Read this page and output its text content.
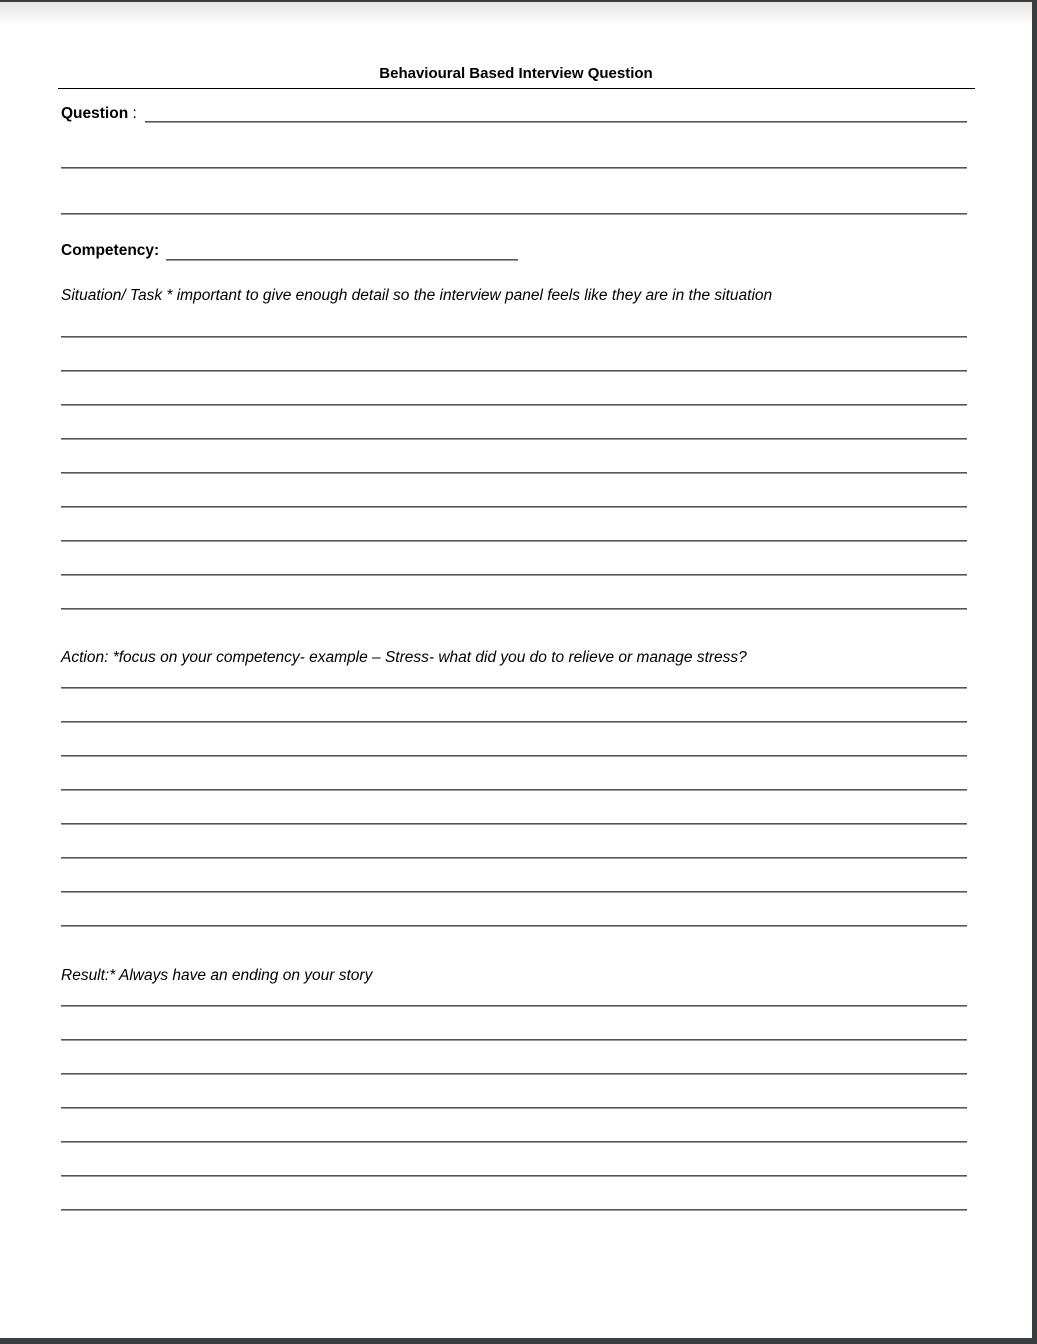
Behavioural Based Interview Question
Question :
Competency:
Situation/ Task * important to give enough detail so the interview panel feels like they are in the situation
Action: *focus on your competency- example – Stress- what did you do to relieve or manage stress?
Result:* Always have an ending on your story
